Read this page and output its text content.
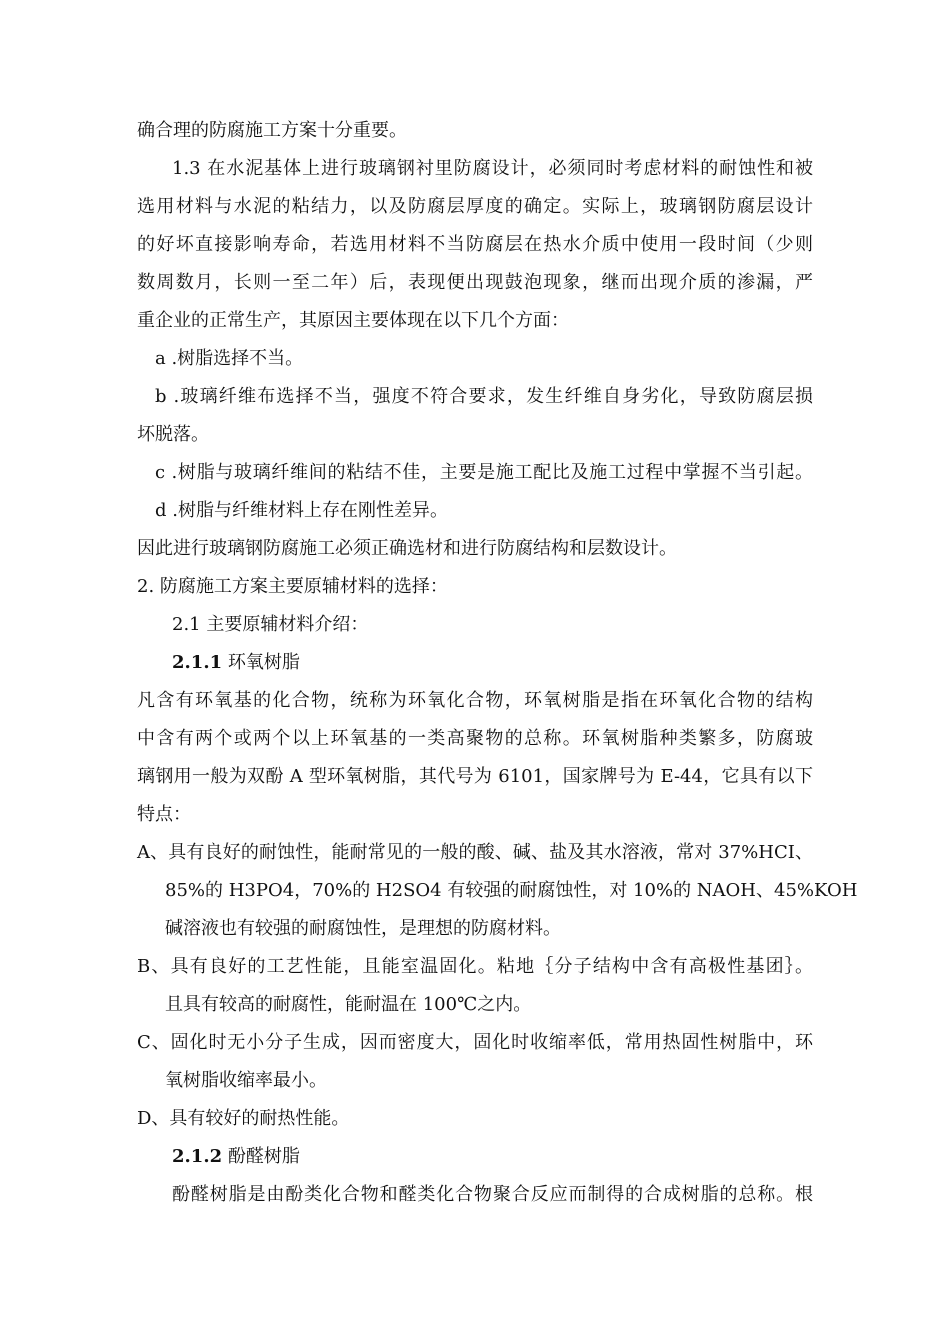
确合理的防腐施工方案十分重要。
1.3 在水泥基体上进行玻璃钢衬里防腐设计，必须同时考虑材料的耐蚀性和被
选用材料与水泥的粘结力，以及防腐层厚度的确定。实际上，玻璃钢防腐层设计
的好坏直接影响寿命，若选用材料不当防腐层在热水介质中使用一段时间（少则
数周数月，长则一至二年）后，表现便出现鼓泡现象，继而出现介质的渗漏，严
重企业的正常生产，其原因主要体现在以下几个方面：
a .树脂选择不当。
b .玻璃纤维布选择不当，强度不符合要求，发生纤维自身劣化，导致防腐层损
坏脱落。
c .树脂与玻璃纤维间的粘结不佳，主要是施工配比及施工过程中掌握不当引起。
d .树脂与纤维材料上存在刚性差异。
因此进行玻璃钢防腐施工必须正确选材和进行防腐结构和层数设计。
2. 防腐施工方案主要原辅材料的选择：
2.1 主要原辅材料介绍：
2.1.1 环氧树脂
凡含有环氧基的化合物，统称为环氧化合物，环氧树脂是指在环氧化合物的结构
中含有两个或两个以上环氧基的一类高聚物的总称。环氧树脂种类繁多，防腐玻
璃钢用一般为双酚 A 型环氧树脂，其代号为 6101，国家牌号为 E-44，它具有以下
特点：
A、具有良好的耐蚀性，能耐常见的一般的酸、碱、盐及其水溶液，常对 37%HCI、
85%的 H3PO4，70%的 H2SO4 有较强的耐腐蚀性，对 10%的 NAOH、45%KOH
碱溶液也有较强的耐腐蚀性，是理想的防腐材料。
B、具有良好的工艺性能，且能室温固化。粘地｛分子结构中含有高极性基团｝。
且具有较高的耐腐性，能耐温在 100℃之内。
C、固化时无小分子生成，因而密度大，固化时收缩率低，常用热固性树脂中，环
氧树脂收缩率最小。
D、具有较好的耐热性能。
2.1.2 酚醛树脂
酚醛树脂是由酚类化合物和醛类化合物聚合反应而制得的合成树脂的总称。根
